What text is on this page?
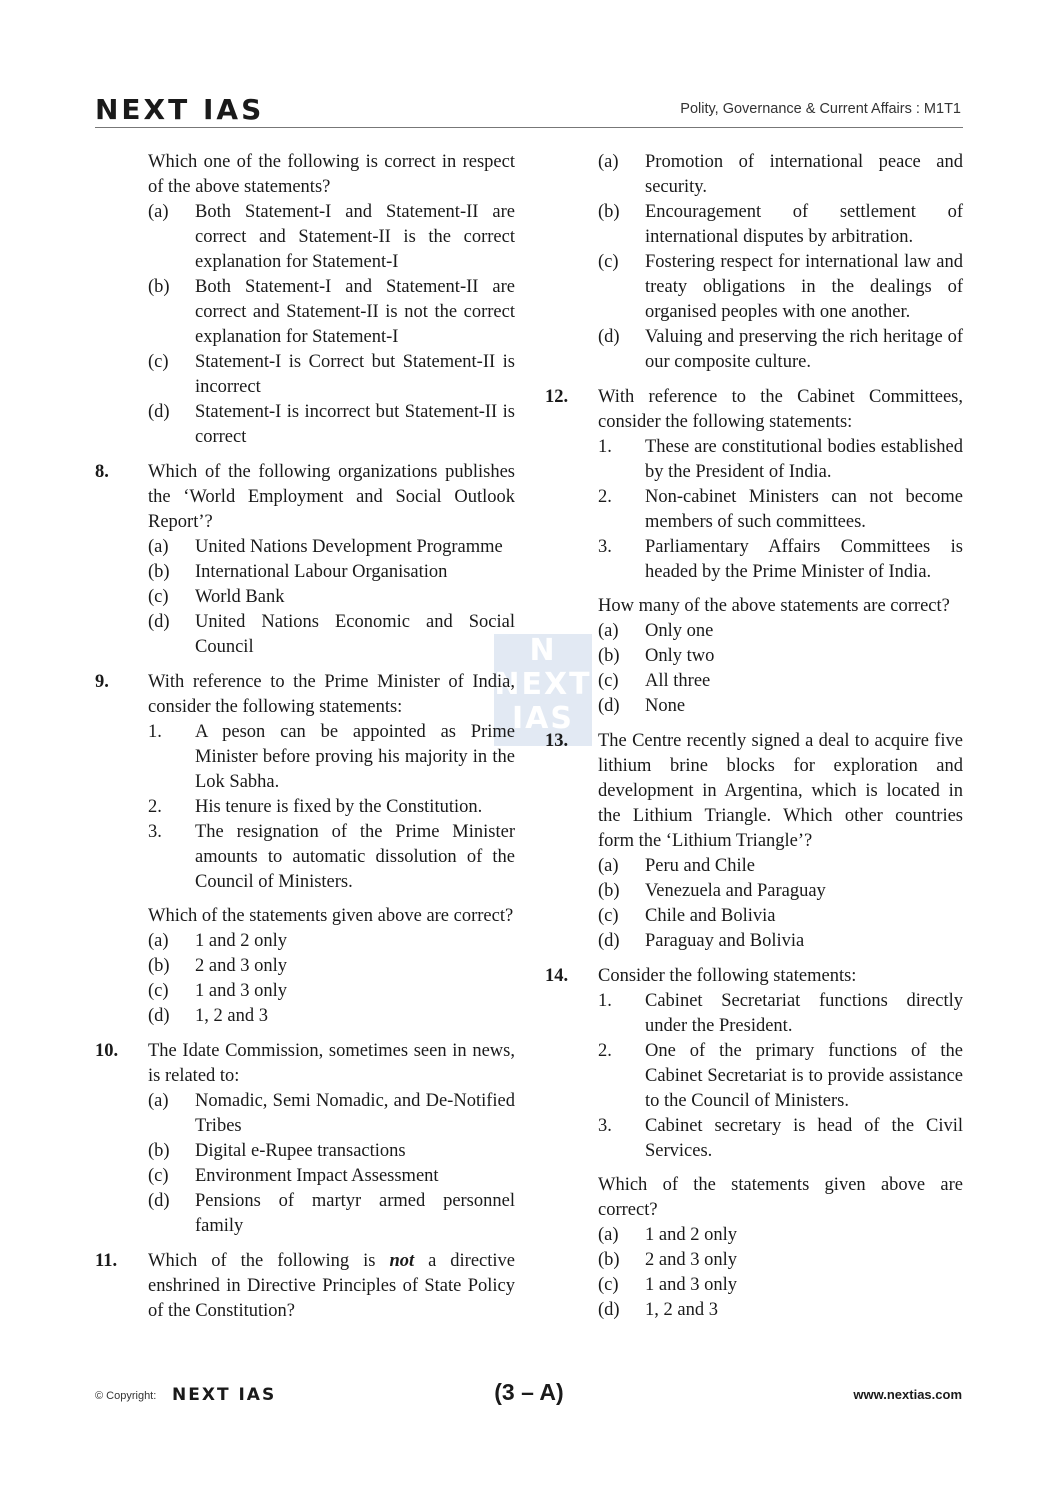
NEXT IAS	Polity, Governance & Current Affairs : M1T1
N
NEXT
IAS
Which one of the following is correct in respect of the above statements?
(a) Both Statement-I and Statement-II are correct and Statement-II is the correct explanation for Statement-I
(b) Both Statement-I and Statement-II are correct and Statement-II is not the correct explanation for Statement-I
(c) Statement-I is Correct but Statement-II is incorrect
(d) Statement-I is incorrect but Statement-II is correct
8. Which of the following organizations publishes the ‘World Employment and Social Outlook Report’?
(a) United Nations Development Programme
(b) International Labour Organisation
(c) World Bank
(d) United Nations Economic and Social Council
9. With reference to the Prime Minister of India, consider the following statements:
1. A peson can be appointed as Prime Minister before proving his majority in the Lok Sabha.
2. His tenure is fixed by the Constitution.
3. The resignation of the Prime Minister amounts to automatic dissolution of the Council of Ministers.
Which of the statements given above are correct?
(a) 1 and 2 only
(b) 2 and 3 only
(c) 1 and 3 only
(d) 1, 2 and 3
10. The Idate Commission, sometimes seen in news, is related to:
(a) Nomadic, Semi Nomadic, and De-Notified Tribes
(b) Digital e-Rupee transactions
(c) Environment Impact Assessment
(d) Pensions of martyr armed personnel family
11. Which of the following is not a directive enshrined in Directive Principles of State Policy of the Constitution?
(a) Promotion of international peace and security.
(b) Encouragement of settlement of international disputes by arbitration.
(c) Fostering respect for international law and treaty obligations in the dealings of organised peoples with one another.
(d) Valuing and preserving the rich heritage of our composite culture.
12. With reference to the Cabinet Committees, consider the following statements:
1. These are constitutional bodies established by the President of India.
2. Non-cabinet Ministers can not become members of such committees.
3. Parliamentary Affairs Committees is headed by the Prime Minister of India.
How many of the above statements are correct?
(a) Only one
(b) Only two
(c) All three
(d) None
13. The Centre recently signed a deal to acquire five lithium brine blocks for exploration and development in Argentina, which is located in the Lithium Triangle. Which other countries form the ‘Lithium Triangle’?
(a) Peru and Chile
(b) Venezuela and Paraguay
(c) Chile and Bolivia
(d) Paraguay and Bolivia
14. Consider the following statements:
1. Cabinet Secretariat functions directly under the President.
2. One of the primary functions of the Cabinet Secretariat is to provide assistance to the Council of Ministers.
3. Cabinet secretary is head of the Civil Services.
Which of the statements given above are correct?
(a) 1 and 2 only
(b) 2 and 3 only
(c) 1 and 3 only
(d) 1, 2 and 3
© Copyright: NEXT IAS	(3 – A)	www.nextias.com
